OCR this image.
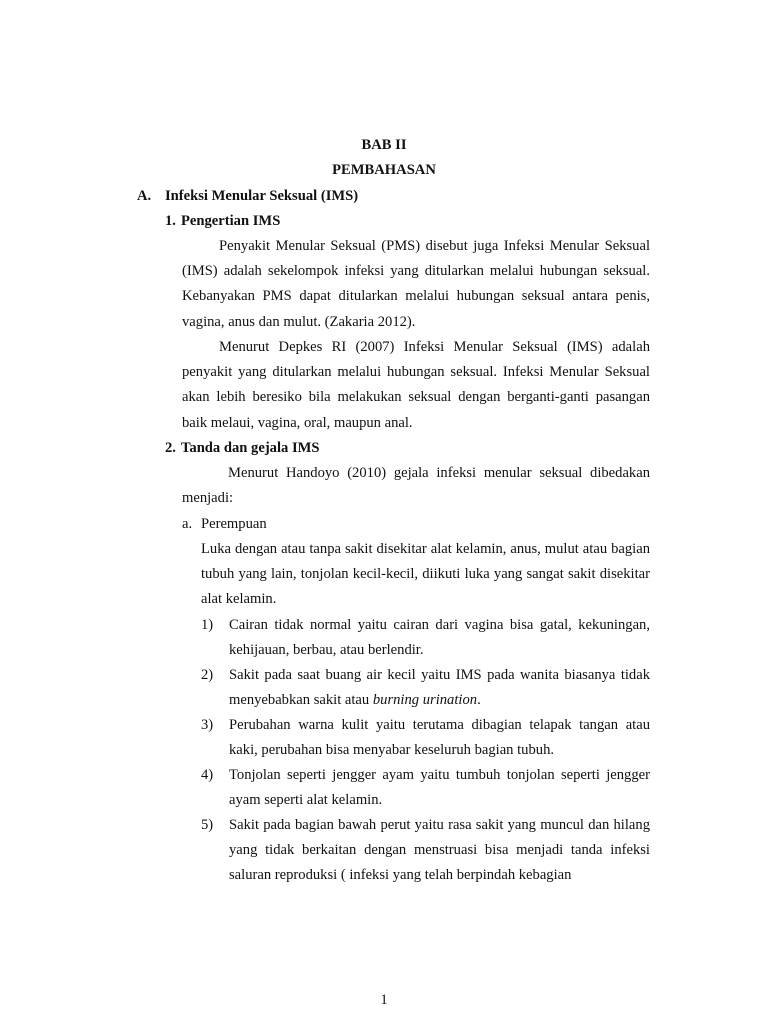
BAB II
PEMBAHASAN
A. Infeksi Menular Seksual (IMS)
1. Pengertian IMS

Penyakit Menular Seksual (PMS) disebut juga Infeksi Menular Seksual (IMS) adalah sekelompok infeksi yang ditularkan melalui hubungan seksual. Kebanyakan PMS dapat ditularkan melalui hubungan seksual antara penis, vagina, anus dan mulut. (Zakaria 2012).

Menurut Depkes RI (2007) Infeksi Menular Seksual (IMS) adalah penyakit yang ditularkan melalui hubungan seksual. Infeksi Menular Seksual akan lebih beresiko bila melakukan seksual dengan berganti-ganti pasangan baik melaui, vagina, oral, maupun anal.

2. Tanda dan gejala IMS

Menurut Handoyo (2010) gejala infeksi menular seksual dibedakan menjadi:

a. Perempuan

Luka dengan atau tanpa sakit disekitar alat kelamin, anus, mulut atau bagian tubuh yang lain, tonjolan kecil-kecil, diikuti luka yang sangat sakit disekitar alat kelamin.

1)	Cairan tidak normal yaitu cairan dari vagina bisa gatal, kekuningan, kehijauan, berbau, atau berlendir.

2)	Sakit pada saat buang air kecil yaitu IMS pada wanita biasanya tidak menyebabkan sakit atau burning urination.

3)	Perubahan warna kulit yaitu terutama dibagian telapak tangan atau kaki, perubahan bisa menyabar keseluruh bagian tubuh.

4)	Tonjolan seperti jengger ayam yaitu tumbuh tonjolan seperti jengger ayam seperti alat kelamin.

5)	Sakit pada bagian bawah perut yaitu rasa sakit yang muncul dan hilang yang tidak berkaitan dengan menstruasi bisa menjadi tanda infeksi saluran reproduksi ( infeksi yang telah berpindah kebagian

1
